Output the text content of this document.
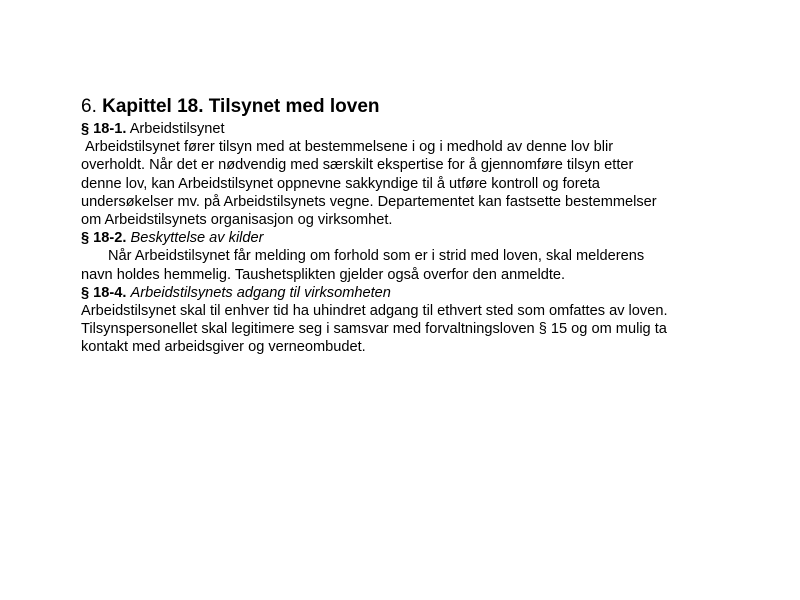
6. Kapittel 18. Tilsynet med loven

§ 18-1. Arbeidstilsynet

Arbeidstilsynet fører tilsyn med at bestemmelsene i og i medhold av denne lov blir

overholdt. Når det er nødvendig med særskilt ekspertise for å gjennomføre tilsyn etter

denne lov, kan Arbeidstilsynet oppnevne sakkyndige til å utføre kontroll og foreta

undersøkelser mv. på Arbeidstilsynets vegne. Departementet kan fastsette bestemmelser

om Arbeidstilsynets organisasjon og virksomhet.

§ 18-2. Beskyttelse av kilder

Når Arbeidstilsynet får melding om forhold som er i strid med loven, skal melderens

navn holdes hemmelig. Taushetsplikten gjelder også overfor den anmeldte.

§ 18-4. Arbeidstilsynets adgang til virksomheten

Arbeidstilsynet skal til enhver tid ha uhindret adgang til ethvert sted som omfattes av loven.

Tilsynspersonellet skal legitimere seg i samsvar med forvaltningsloven § 15 og om mulig ta

kontakt med arbeidsgiver og verneombudet.
